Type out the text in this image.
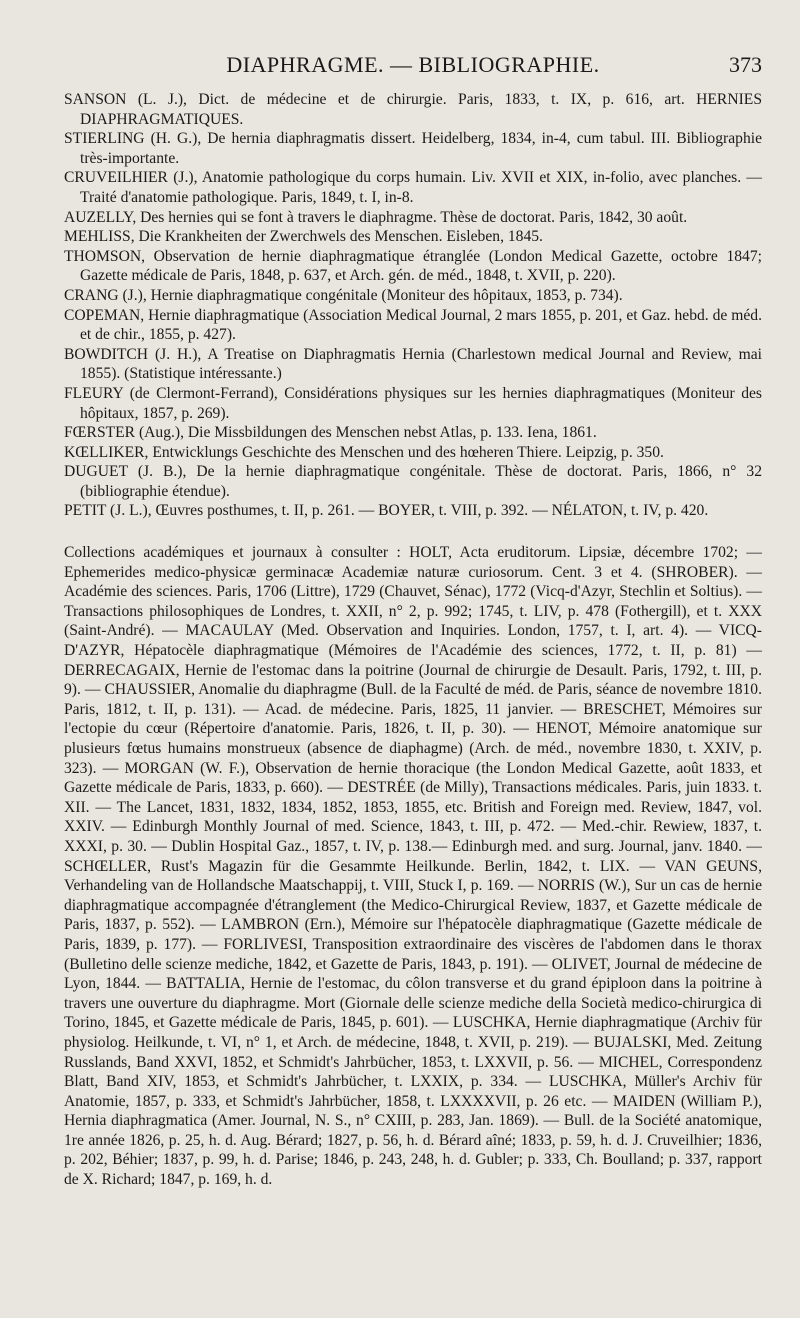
DIAPHRAGME. — BIBLIOGRAPHIE.	373

SANSON (L. J.), Dict. de médecine et de chirurgie. Paris, 1833, t. IX, p. 616, art. HERNIES DIAPHRAGMATIQUES.

STIERLING (H. G.), De hernia diaphragmatis dissert. Heidelberg, 1834, in-4, cum tabul. III. Bibliographie très-importante.

CRUVEILHIER (J.), Anatomie pathologique du corps humain. Liv. XVII et XIX, in-folio, avec planches. — Traité d'anatomie pathologique. Paris, 1849, t. I, in-8.

AUZELLY, Des hernies qui se font à travers le diaphragme. Thèse de doctorat. Paris, 1842, 30 août.

MEHLISS, Die Krankheiten der Zwerchwels des Menschen. Eisleben, 1845.

THOMSON, Observation de hernie diaphragmatique étranglée (London Medical Gazette, octobre 1847; Gazette médicale de Paris, 1848, p. 637, et Arch. gén. de méd., 1848, t. XVII, p. 220).

CRANG (J.), Hernie diaphragmatique congénitale (Moniteur des hôpitaux, 1853, p. 734).

COPEMAN, Hernie diaphragmatique (Association Medical Journal, 2 mars 1855, p. 201, et Gaz. hebd. de méd. et de chir., 1855, p. 427).

BOWDITCH (J. H.), A Treatise on Diaphragmatis Hernia (Charlestown medical Journal and Review, mai 1855). (Statistique intéressante.)

FLEURY (de Clermont-Ferrand), Considérations physiques sur les hernies diaphragmatiques (Moniteur des hôpitaux, 1857, p. 269).

FŒRSTER (Aug.), Die Missbildungen des Menschen nebst Atlas, p. 133. Iena, 1861.

KŒLLIKER, Entwicklungs Geschichte des Menschen und des hœheren Thiere. Leipzig, p. 350.

DUGUET (J. B.), De la hernie diaphragmatique congénitale. Thèse de doctorat. Paris, 1866, n° 32 (bibliographie étendue).

PETIT (J. L.), Œuvres posthumes, t. II, p. 261. — BOYER, t. VIII, p. 392. — NÉLATON, t. IV, p. 420.

Collections académiques et journaux à consulter : HOLT, Acta eruditorum. Lipsiæ, décembre 1702; — Ephemerides medico-physicæ germinacæ Academiæ naturæ curiosorum. Cent. 3 et 4. (SHROBER). — Académie des sciences. Paris, 1706 (Littre), 1729 (Chauvet, Sénac), 1772 (Vicq-d'Azyr, Stechlin et Soltius). — Transactions philosophiques de Londres, t. XXII, n° 2, p. 992; 1745, t. LIV, p. 478 (Fothergill), et t. XXX (Saint-André). — MACAULAY (Med. Observation and Inquiries. London, 1757, t. I, art. 4). — VICQ-D'AZYR, Hépatocèle diaphragmatique (Mémoires de l'Académie des sciences, 1772, t. II, p. 81) — DERRECAGAIX, Hernie de l'estomac dans la poitrine (Journal de chirurgie de Desault. Paris, 1792, t. III, p. 9). — CHAUSSIER, Anomalie du diaphragme (Bull. de la Faculté de méd. de Paris, séance de novembre 1810. Paris, 1812, t. II, p. 131). — Acad. de médecine. Paris, 1825, 11 janvier. — BRESCHET, Mémoires sur l'ectopie du cœur (Répertoire d'anatomie. Paris, 1826, t. II, p. 30). — HENOT, Mémoire anatomique sur plusieurs fœtus humains monstrueux (absence de diaphagme) (Arch. de méd., novembre 1830, t. XXIV, p. 323). — MORGAN (W. F.), Observation de hernie thoracique (the London Medical Gazette, août 1833, et Gazette médicale de Paris, 1833, p. 660). — DESTRÉE (de Milly), Transactions médicales. Paris, juin 1833. t. XII. — The Lancet, 1831, 1832, 1834, 1852, 1853, 1855, etc. British and Foreign med. Review, 1847, vol. XXIV. — Edinburgh Monthly Journal of med. Science, 1843, t. III, p. 472. — Med.-chir. Rewiew, 1837, t. XXXI, p. 30. — Dublin Hospital Gaz., 1857, t. IV, p. 138.— Edinburgh med. and surg. Journal, janv. 1840. — SCHŒLLER, Rust's Magazin für die Gesammte Heilkunde. Berlin, 1842, t. LIX. — VAN GEUNS, Verhandeling van de Hollandsche Maatschappij, t. VIII, Stuck I, p. 169. — NORRIS (W.), Sur un cas de hernie diaphragmatique accompagnée d'étranglement (the Medico-Chirurgical Review, 1837, et Gazette médicale de Paris, 1837, p. 552). — LAMBRON (Ern.), Mémoire sur l'hépatocèle diaphragmatique (Gazette médicale de Paris, 1839, p. 177). — FORLIVESI, Transposition extraordinaire des viscères de l'abdomen dans le thorax (Bulletino delle scienze mediche, 1842, et Gazette de Paris, 1843, p. 191). — OLIVET, Journal de médecine de Lyon, 1844. — BATTALIA, Hernie de l'estomac, du côlon transverse et du grand épiploon dans la poitrine à travers une ouverture du diaphragme. Mort (Giornale delle scienze mediche della Società medico-chirurgica di Torino, 1845, et Gazette médicale de Paris, 1845, p. 601). — LUSCHKA, Hernie diaphragmatique (Archiv für physiolog. Heilkunde, t. VI, n° 1, et Arch. de médecine, 1848, t. XVII, p. 219). — BUJALSKI, Med. Zeitung Russlands, Band XXVI, 1852, et Schmidt's Jahrbücher, 1853, t. LXXVII, p. 56. — MICHEL, Correspondenz Blatt, Band XIV, 1853, et Schmidt's Jahrbücher, t. LXXIX, p. 334. — LUSCHKA, Müller's Archiv für Anatomie, 1857, p. 333, et Schmidt's Jahrbücher, 1858, t. LXXXXVII, p. 26 etc. — MAIDEN (William P.), Hernia diaphragmatica (Amer. Journal, N. S., n° CXIII, p. 283, Jan. 1869). — Bull. de la Société anatomique, 1re année 1826, p. 25, h. d. Aug. Bérard; 1827, p. 56, h. d. Bérard aîné; 1833, p. 59, h. d. J. Cruveilhier; 1836, p. 202, Béhier; 1837, p. 99, h. d. Parise; 1846, p. 243, 248, h. d. Gubler; p. 333, Ch. Boulland; p. 337, rapport de X. Richard; 1847, p. 169, h. d.
